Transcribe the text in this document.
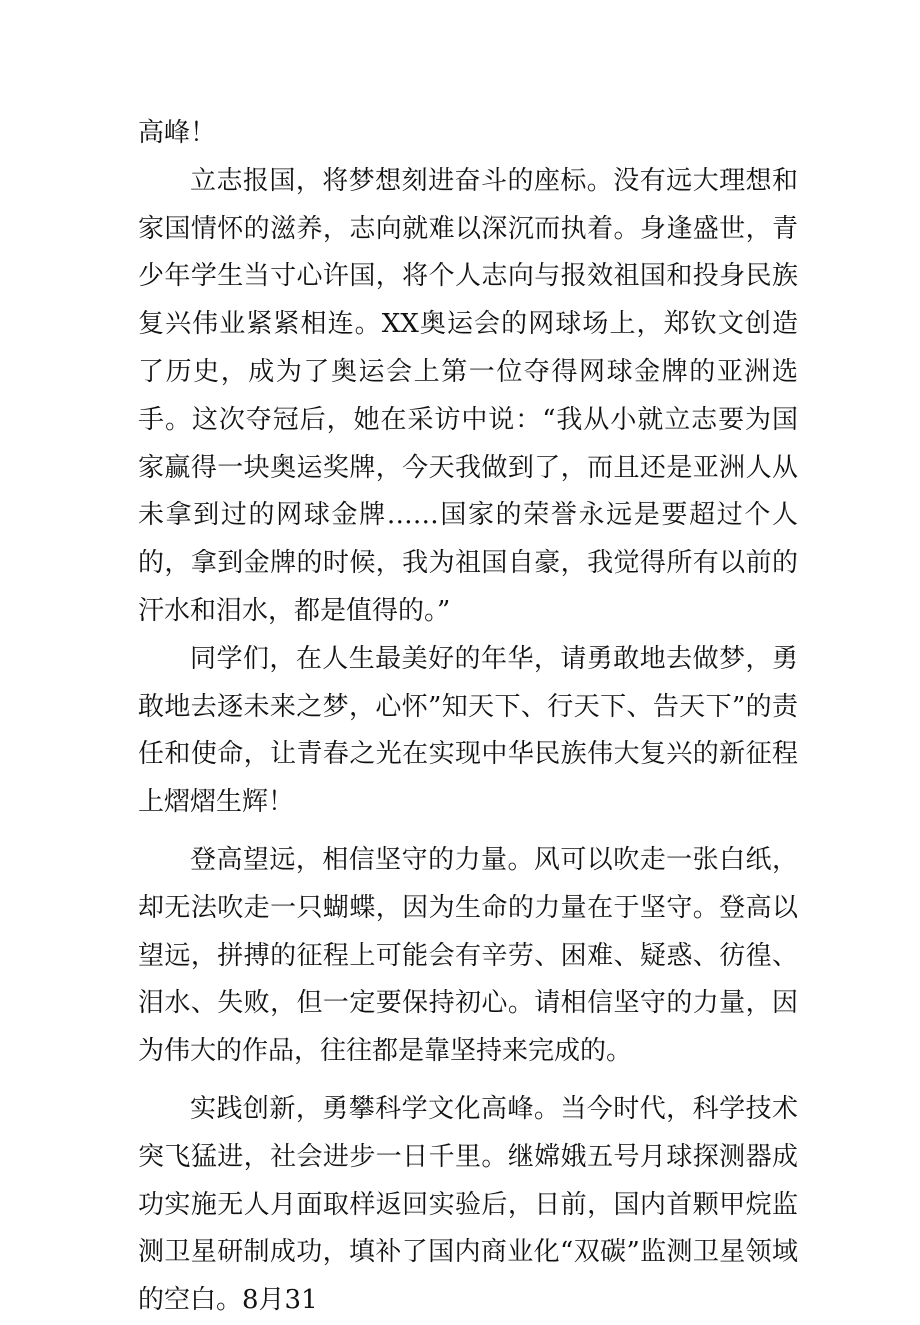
高峰！

立志报国，将梦想刻进奋斗的座标。没有远大理想和家国情怀的滋养，志向就难以深沉而执着。身逢盛世，青少年学生当寸心许国，将个人志向与报效祖国和投身民族复兴伟业紧紧相连。XX奥运会的网球场上，郑钦文创造了历史，成为了奥运会上第一位夺得网球金牌的亚洲选手。这次夺冠后，她在采访中说：“我从小就立志要为国家赢得一块奥运奖牌，今天我做到了，而且还是亚洲人从未拿到过的网球金牌……国家的荣誉永远是要超过个人的，拿到金牌的时候，我为祖国自豪，我觉得所有以前的汗水和泪水，都是值得的。”

同学们，在人生最美好的年华，请勇敢地去做梦，勇敢地去逐未来之梦，心怀”知天下、行天下、告天下”的责任和使命，让青春之光在实现中华民族伟大复兴的新征程上熠熠生辉！

登高望远，相信坚守的力量。风可以吹走一张白纸，却无法吹走一只蝴蝶，因为生命的力量在于坚守。登高以望远，拼搏的征程上可能会有辛劳、困难、疑惑、彷徨、泪水、失败，但一定要保持初心。请相信坚守的力量，因为伟大的作品，往往都是靠坚持来完成的。

实践创新，勇攀科学文化高峰。当今时代，科学技术突飞猛进，社会进步一日千里。继嫦娥五号月球探测器成功实施无人月面取样返回实验后，日前，国内首颗甲烷监测卫星研制成功，填补了国内商业化“双碳”监测卫星领域的空白。8月31
